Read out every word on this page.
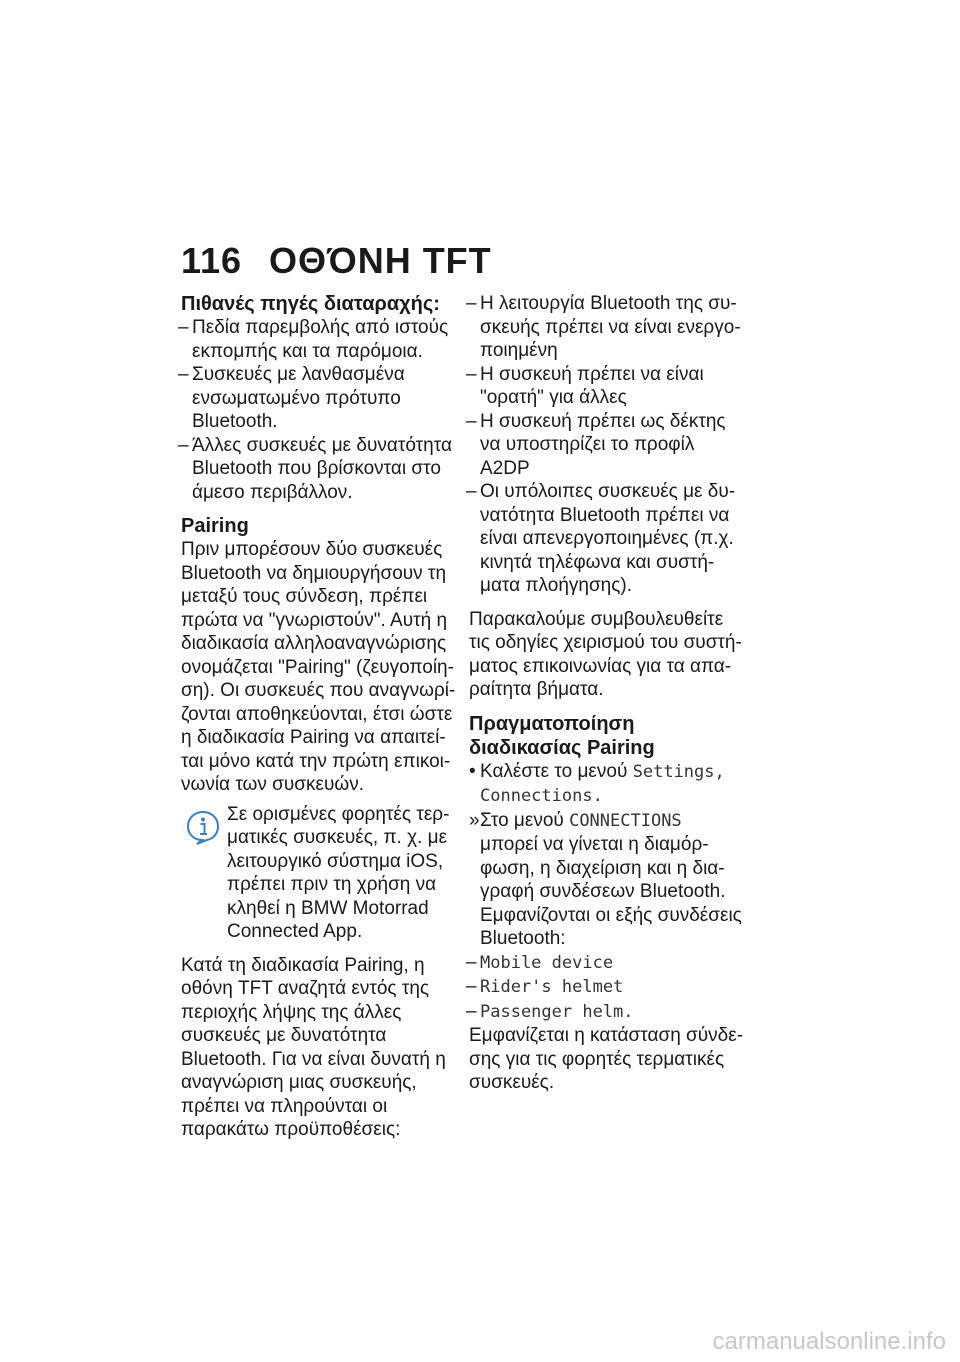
116 ΟΘΌΝΗ TFT

Πιθανές πηγές διαταραχής:

– Πεδία παρεμβολής από ιστούς εκπομπής και τα παρόμοια.
– Συσκευές με λανθασμένα ενσωματωμένο πρότυπο Bluetooth.
– Άλλες συσκευές με δυνατότητα Bluetooth που βρίσκονται στο άμεσο περιβάλλον.

Pairing

Πριν μπορέσουν δύο συσκευές Bluetooth να δημιουργήσουν τη μεταξύ τους σύνδεση, πρέπει πρώτα να "γνωριστούν". Αυτή η διαδικασία αλληλοαναγνώρισης ονομάζεται "Pairing" (ζευγοποίηση). Οι συσκευές που αναγνωρίζονται αποθηκεύονται, έτσι ώστε η διαδικασία Pairing να απαιτείται μόνο κατά την πρώτη επικοινωνία των συσκευών.

Σε ορισμένες φορητές τερματικές συσκευές, π. χ. με λειτουργικό σύστημα iOS, πρέπει πριν τη χρήση να κληθεί η BMW Motorrad Connected App.

Κατά τη διαδικασία Pairing, η οθόνη TFT αναζητά εντός της περιοχής λήψης της άλλες συσκευές με δυνατότητα Bluetooth. Για να είναι δυνατή η αναγνώριση μιας συσκευής, πρέπει να πληρούνται οι παρακάτω προϋποθέσεις:

– Η λειτουργία Bluetooth της συσκευής πρέπει να είναι ενεργοποιημένη
– Η συσκευή πρέπει να είναι "ορατή" για άλλες
– Η συσκευή πρέπει ως δέκτης να υποστηρίζει το προφίλ A2DP
– Οι υπόλοιπες συσκευές με δυνατότητα Bluetooth πρέπει να είναι απενεργοποιημένες (π.χ. κινητά τηλέφωνα και συστήματα πλοήγησης).

Παρακαλούμε συμβουλευθείτε τις οδηγίες χειρισμού του συστήματος επικοινωνίας για τα απαραίτητα βήματα.

Πραγματοποίηση
διαδικασίας Pairing

• Καλέστε το μενού Settings,
Connections.
» Στο μενού CONNECTIONS
μπορεί να γίνεται η διαμόρφωση, η διαχείριση και η διαγραφή συνδέσεων Bluetooth. Εμφανίζονται οι εξής συνδέσεις Bluetooth:
– Mobile device
– Rider's helmet
– Passenger helm.

Εμφανίζεται η κατάσταση σύνδεσης για τις φορητές τερματικές συσκευές.

carmanualsonline.info
